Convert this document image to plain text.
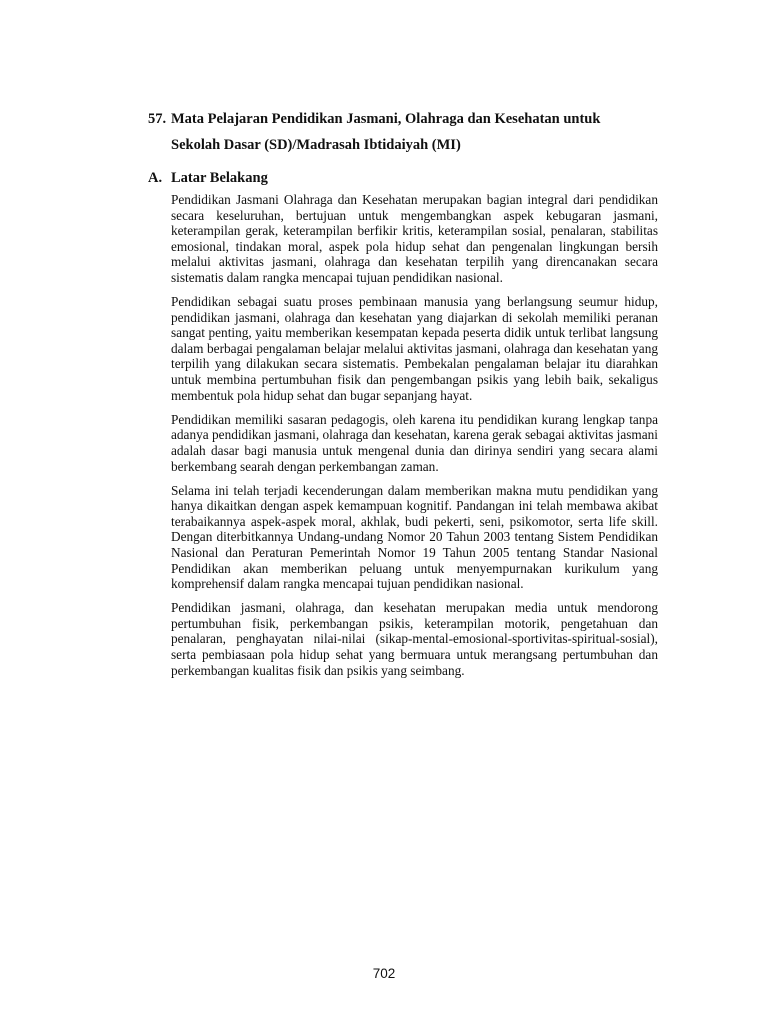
57. Mata Pelajaran Pendidikan Jasmani, Olahraga dan Kesehatan untuk
Sekolah Dasar (SD)/Madrasah Ibtidaiyah (MI)
A. Latar Belakang

Pendidikan Jasmani Olahraga dan Kesehatan merupakan bagian integral dari pendidikan secara keseluruhan, bertujuan untuk mengembangkan aspek kebugaran jasmani, keterampilan gerak, keterampilan berfikir kritis, keterampilan sosial, penalaran, stabilitas emosional, tindakan moral, aspek pola hidup sehat dan pengenalan lingkungan bersih melalui aktivitas jasmani, olahraga dan kesehatan terpilih yang direncanakan secara sistematis dalam rangka mencapai tujuan pendidikan nasional.

Pendidikan sebagai suatu proses pembinaan manusia yang berlangsung seumur hidup, pendidikan jasmani, olahraga dan kesehatan yang diajarkan di sekolah memiliki peranan sangat penting, yaitu memberikan kesempatan kepada peserta didik untuk terlibat langsung dalam berbagai pengalaman belajar melalui aktivitas jasmani, olahraga dan kesehatan yang terpilih yang dilakukan secara sistematis. Pembekalan pengalaman belajar itu diarahkan untuk membina pertumbuhan fisik dan pengembangan psikis yang lebih baik, sekaligus membentuk pola hidup sehat dan bugar sepanjang hayat.

Pendidikan memiliki sasaran pedagogis, oleh karena itu pendidikan kurang lengkap tanpa adanya pendidikan jasmani, olahraga dan kesehatan, karena gerak sebagai aktivitas jasmani adalah dasar bagi manusia untuk mengenal dunia dan dirinya sendiri yang secara alami berkembang searah dengan perkembangan zaman.

Selama ini telah terjadi kecenderungan dalam memberikan makna mutu pendidikan yang hanya dikaitkan dengan aspek kemampuan kognitif. Pandangan ini telah membawa akibat terabaikannya aspek-aspek moral, akhlak, budi pekerti, seni, psikomotor, serta life skill. Dengan diterbitkannya Undang-undang Nomor 20 Tahun 2003 tentang Sistem Pendidikan Nasional dan Peraturan Pemerintah Nomor 19 Tahun 2005 tentang Standar Nasional Pendidikan akan memberikan peluang untuk menyempurnakan kurikulum yang komprehensif dalam rangka mencapai tujuan pendidikan nasional.

Pendidikan jasmani, olahraga, dan kesehatan merupakan media untuk mendorong pertumbuhan fisik, perkembangan psikis, keterampilan motorik, pengetahuan dan penalaran, penghayatan nilai-nilai (sikap-mental-emosional-sportivitas-spiritual-sosial), serta pembiasaan pola hidup sehat yang bermuara untuk merangsang pertumbuhan dan perkembangan kualitas fisik dan psikis yang seimbang.

702
